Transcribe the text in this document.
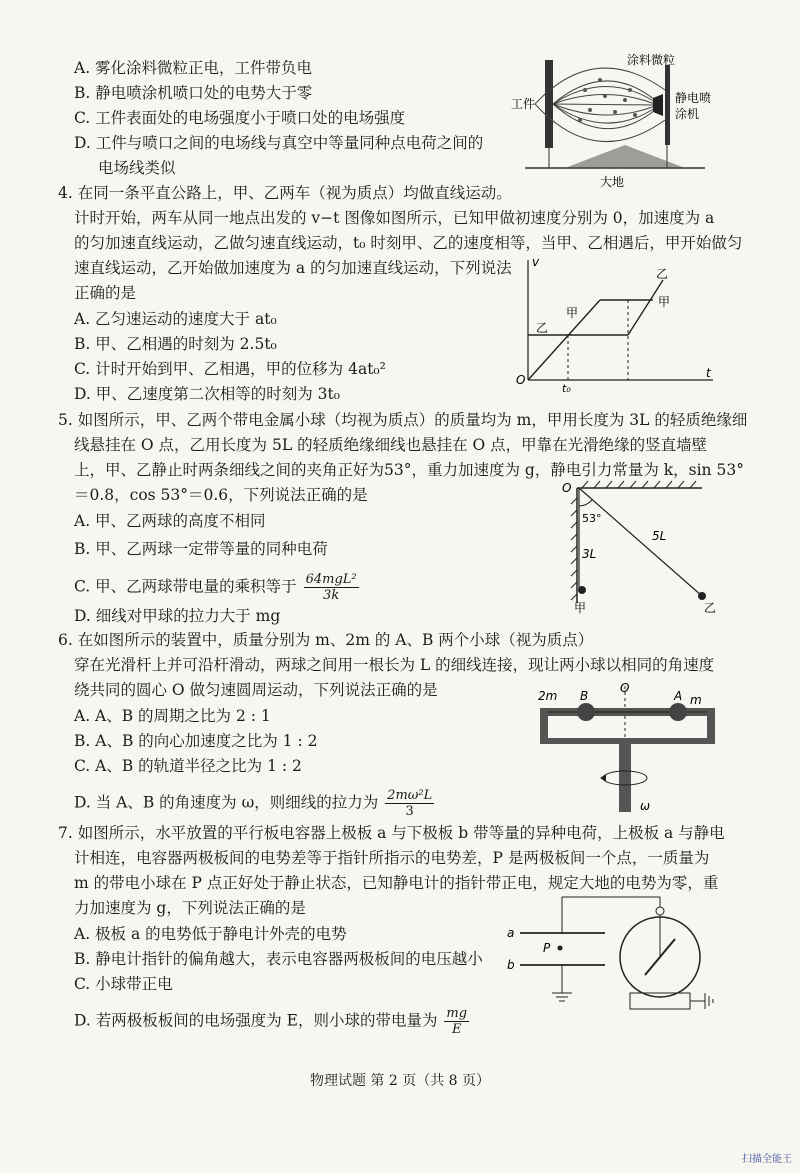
A. 雾化涂料微粒正电，工件带负电
B. 静电喷涂机喷口处的电势大于零
C. 工件表面处的电场强度小于喷口处的电场强度
D. 工件与喷口之间的电场线与真空中等量同种点电荷之间的
电场线类似
工件
涂料微粒
静电喷
涂机
大地
4. 在同一条平直公路上，甲、乙两车（视为质点）均做直线运动。
计时开始，两车从同一地点出发的 v−t 图像如图所示，已知甲做初速度分别为 0，加速度为 a
的匀加速直线运动，乙做匀速直线运动，t₀ 时刻甲、乙的速度相等，当甲、乙相遇后，甲开始做匀
速直线运动，乙开始做加速度为 a 的匀加速直线运动，下列说法
正确的是
A. 乙匀速运动的速度大于 at₀
B. 甲、乙相遇的时刻为 2.5t₀
C. 计时开始到甲、乙相遇，甲的位移为 4at₀²
D. 甲、乙速度第二次相等的时刻为 3t₀
v
t
O
t₀
甲
乙
乙
甲
5. 如图所示，甲、乙两个带电金属小球（均视为质点）的质量均为 m，甲用长度为 3L 的轻质绝缘细
线悬挂在 O 点，乙用长度为 5L 的轻质绝缘细线也悬挂在 O 点，甲靠在光滑绝缘的竖直墙壁
上，甲、乙静止时两条细线之间的夹角正好为53°，重力加速度为 g，静电引力常量为 k，sin 53°
＝0.8，cos 53°＝0.6，下列说法正确的是
A. 甲、乙两球的高度不相同
B. 甲、乙两球一定带等量的同种电荷
C. 甲、乙两球带电量的乘积等于 64mgL²
3k
D. 细线对甲球的拉力大于 mg
O
53°
3L
5L
甲	乙
6. 在如图所示的装置中，质量分别为 m、2m 的 A、B 两个小球（视为质点）
穿在光滑杆上并可沿杆滑动，两球之间用一根长为 L 的细线连接，现让两小球以相同的角速度
绕共同的圆心 O 做匀速圆周运动，下列说法正确的是
A. A、B 的周期之比为 2 : 1
B. A、B 的向心加速度之比为 1 : 2
C. A、B 的轨道半径之比为 1 : 2
D. 当 A、B 的角速度为 ω，则细线的拉力为 $\frac{\text{2mω²L}}{3}$
2m B
O
A m
ω
7. 如图所示，水平放置的平行板电容器上极板 a 与下极板 b 带等量的异种电荷，上极板 a 与静电
计相连，电容器两极板间的电势差等于指针所指示的电势差，P 是两极板间一个点，一质量为
m 的带电小球在 P 点正好处于静止状态，已知静电计的指针带正电，规定大地的电势为零，重
力加速度为 g，下列说法正确的是
A. 极板 a 的电势低于静电计外壳的电势
B. 静电计指针的偏角越大，表示电容器两极板间的电压越小
C. 小球带正电
D. 若两极板板间的电场强度为 E，则小球的带电量为 $\frac{mg}{E}$
a
b
P
物理试题 第 2 页（共 8 页）
扫描全能王
